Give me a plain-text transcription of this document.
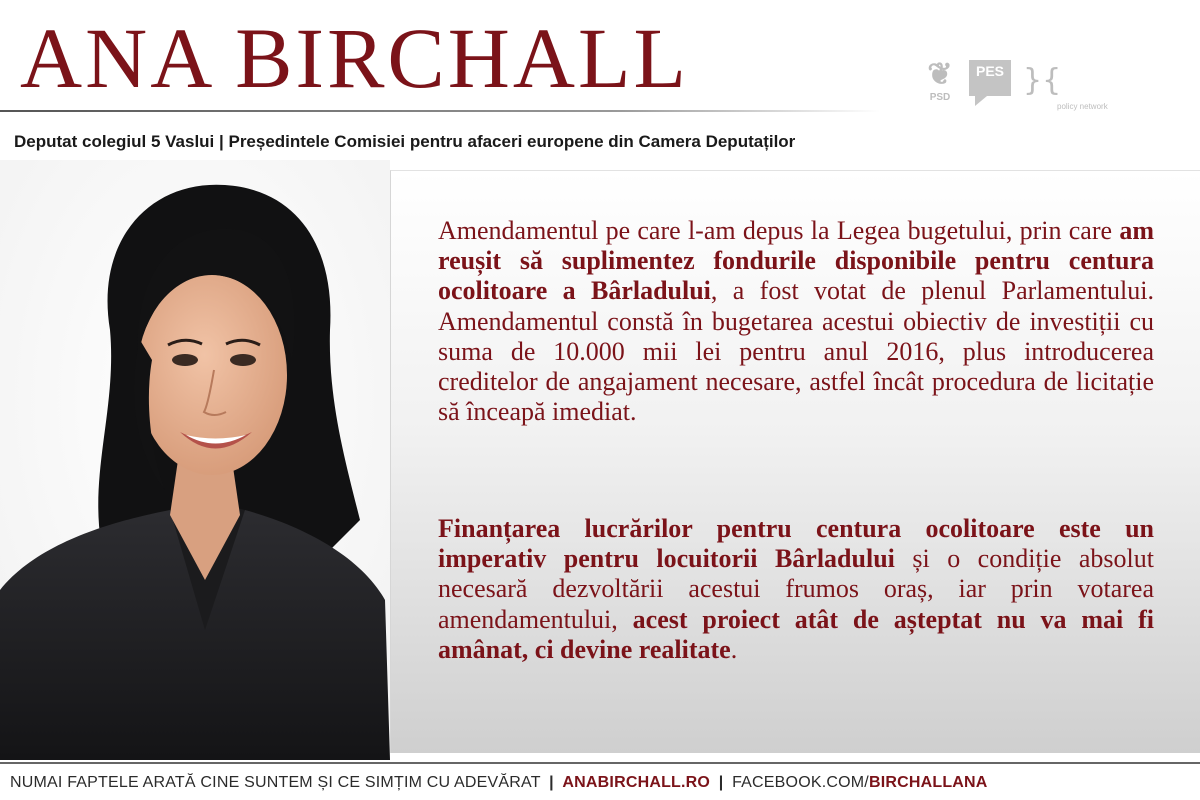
ANA BIRCHALL	❦
PSD
PES }{
policy network

Deputat colegiul 5 Vaslui | Președintele Comisiei pentru afaceri europene din Camera Deputaților

Amendamentul pe care l-am depus la Legea bugetului, prin care am reușit să suplimentez fondurile disponibile pentru centura ocolitoare a Bârladului, a fost votat de plenul Parlamentului. Amendamentul constă în bugetarea acestui obiectiv de investiții cu suma de 10.000 mii lei pentru anul 2016, plus introducerea creditelor de angajament necesare, astfel încât procedura de licitație să înceapă imediat.

Finanțarea lucrărilor pentru centura ocolitoare este un imperativ pentru locuitorii Bârladului și o condiție absolut necesară dezvoltării acestui frumos oraș, iar prin votarea amendamentului, acest proiect atât de așteptat nu va mai fi amânat, ci devine realitate.

NUMAI FAPTELE ARATĂ CINE SUNTEM ȘI CE SIMȚIM CU ADEVĂRAT | ANABIRCHALL.RO | FACEBOOK.COM/BIRCHALLANA
